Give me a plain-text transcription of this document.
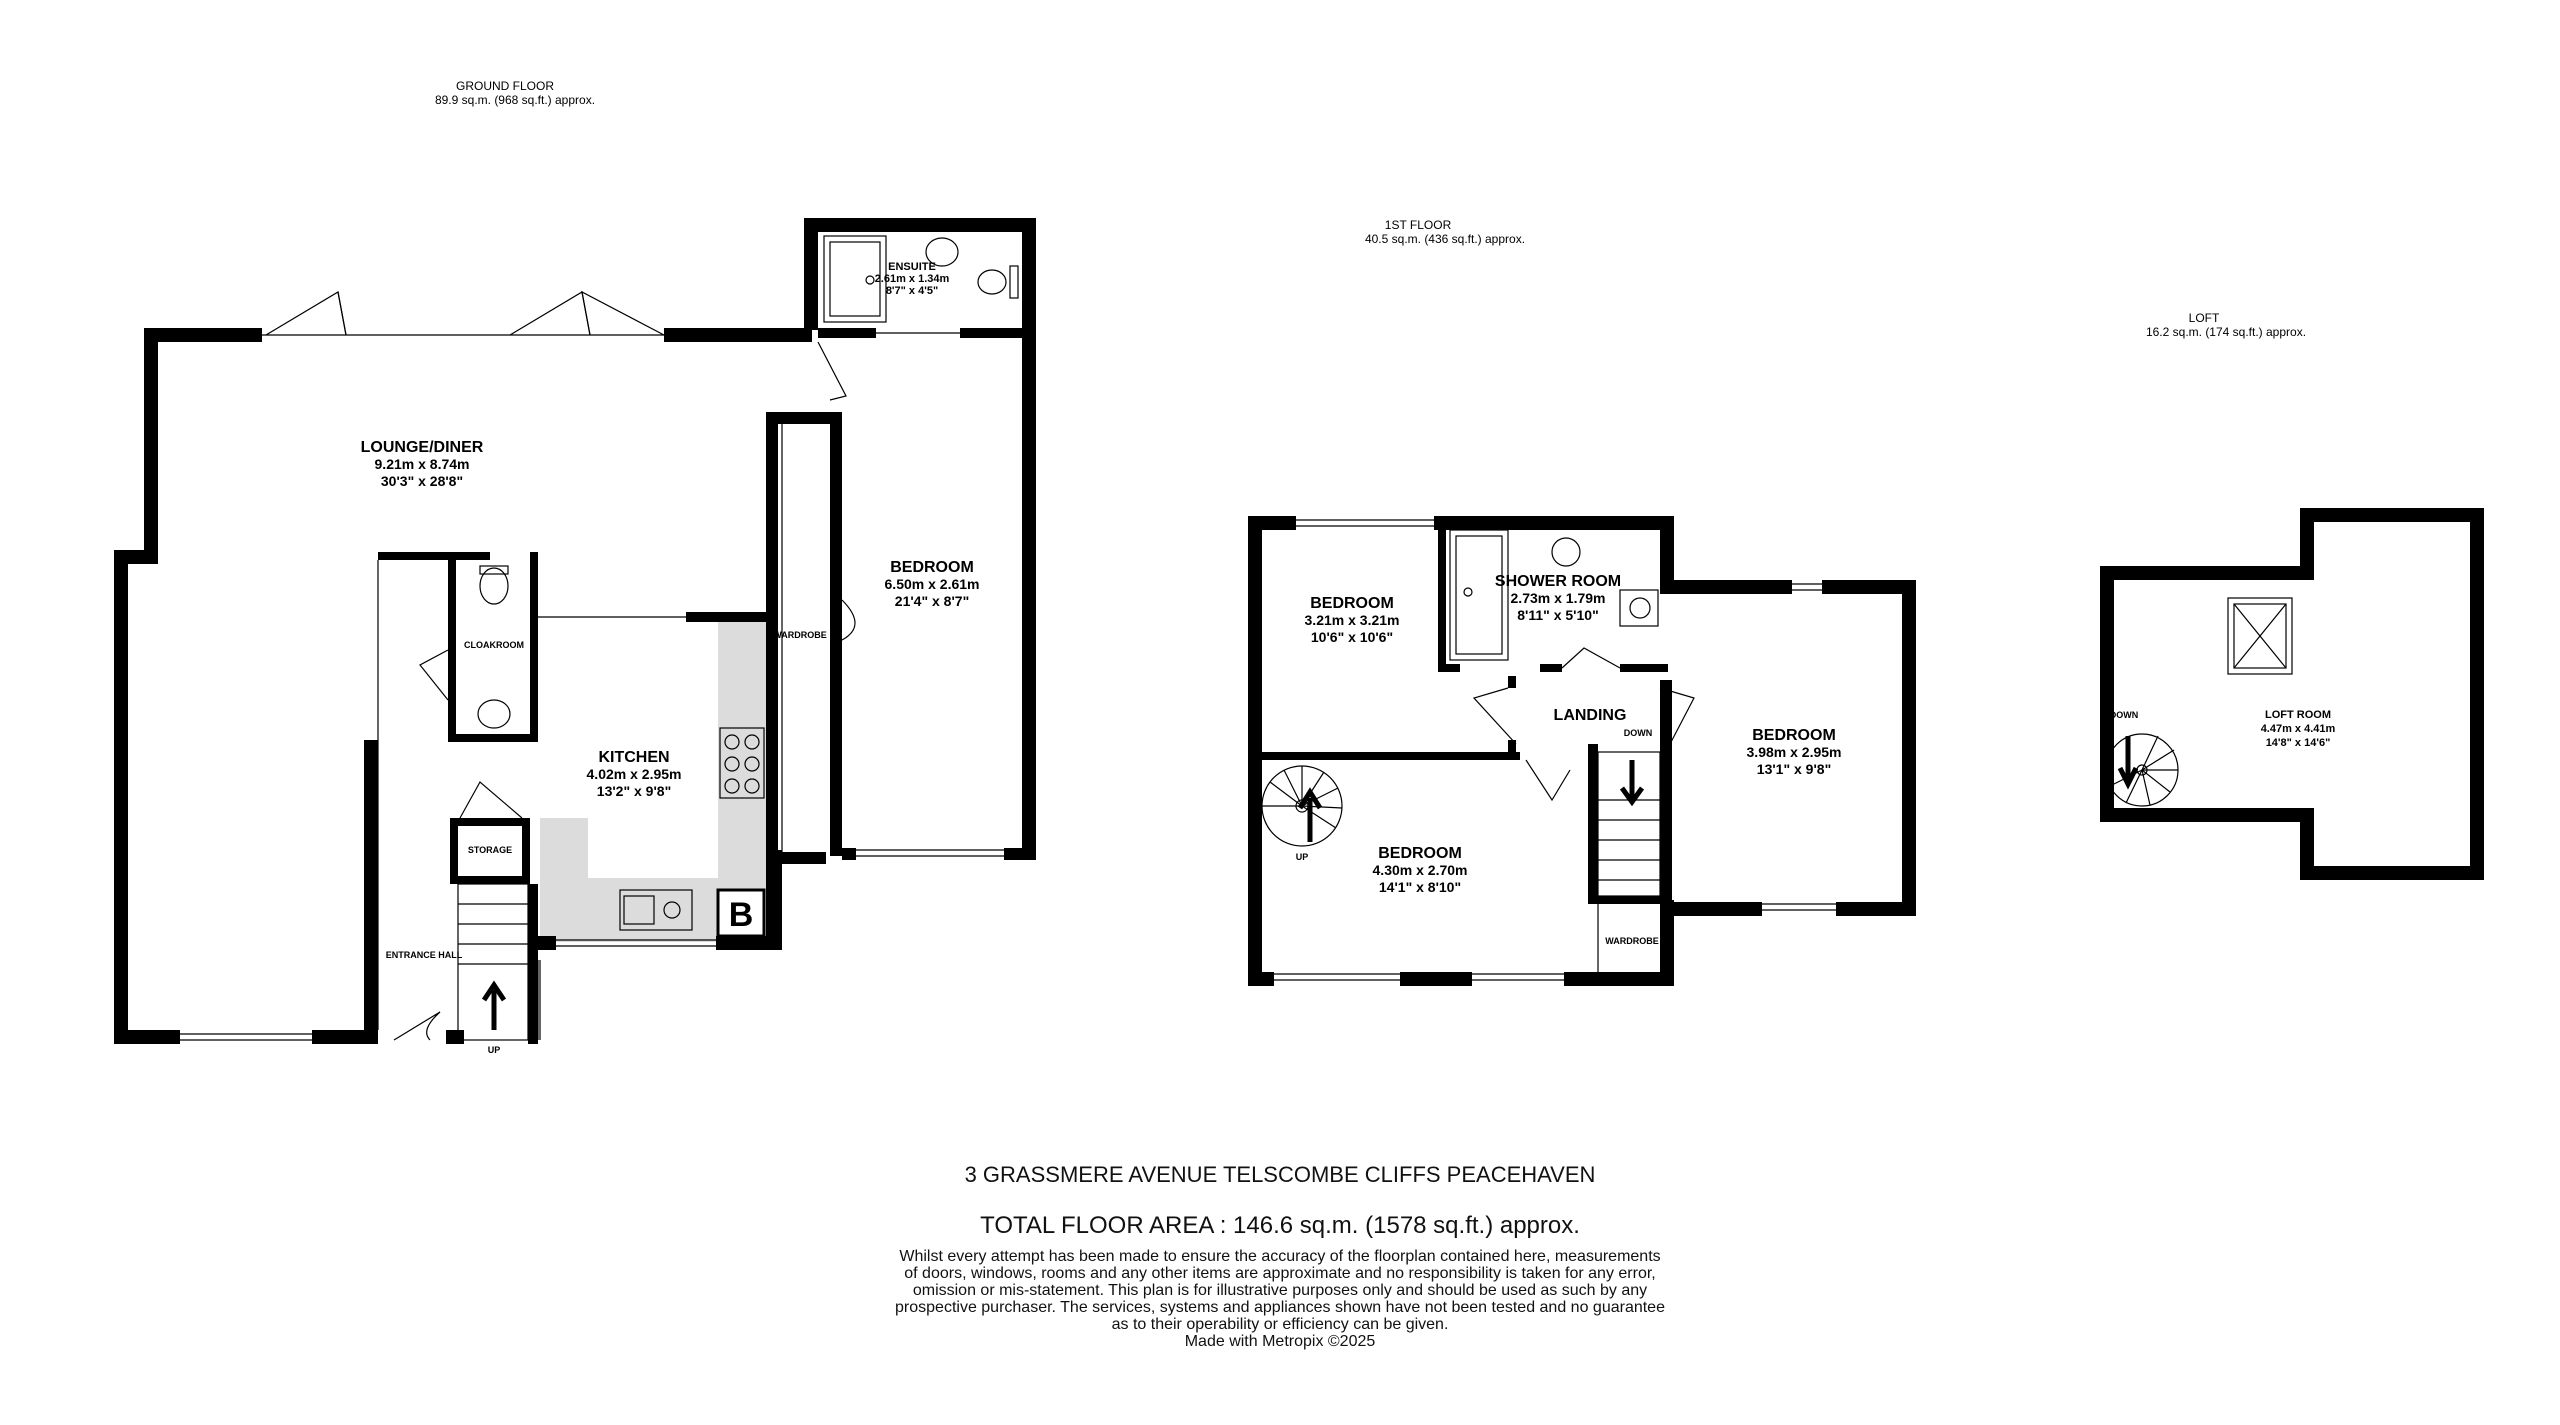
GROUND FLOOR
89.9 sq.m. (968 sq.ft.) approx.
CLOAKROOM
STORAGE
UP
ENTRANCE HALL
B
WARDROBE
1ST FLOOR
40.5 sq.m. (436 sq.ft.) approx.
WARDROBE
DOWN
UP
LOFT
16.2 sq.m. (174 sq.ft.) approx.
DOWN
LOUNGE/DINER
9.21m x 8.74m
30'3" x 28'8"
ENSUITE
2.61m x 1.34m
8'7" x 4'5"
BEDROOM
6.50m x 2.61m
21'4" x 8'7"
KITCHEN
4.02m x 2.95m
13'2" x 9'8"
BEDROOM
3.21m x 3.21m
10'6" x 10'6"
SHOWER ROOM
2.73m x 1.79m
8'11" x 5'10"
LANDING
BEDROOM
3.98m x 2.95m
13'1" x 9'8"
BEDROOM
4.30m x 2.70m
14'1" x 8'10"
LOFT ROOM
4.47m x 4.41m
14'8" x 14'6"
3 GRASSMERE AVENUE TELSCOMBE CLIFFS PEACEHAVEN
TOTAL FLOOR AREA : 146.6 sq.m. (1578 sq.ft.) approx.
Whilst every attempt has been made to ensure the accuracy of the floorplan contained here, measurements
of doors, windows, rooms and any other items are approximate and no responsibility is taken for any error,
omission or mis-statement. This plan is for illustrative purposes only and should be used as such by any
prospective purchaser. The services, systems and appliances shown have not been tested and no guarantee
as to their operability or efficiency can be given.
Made with Metropix ©2025
